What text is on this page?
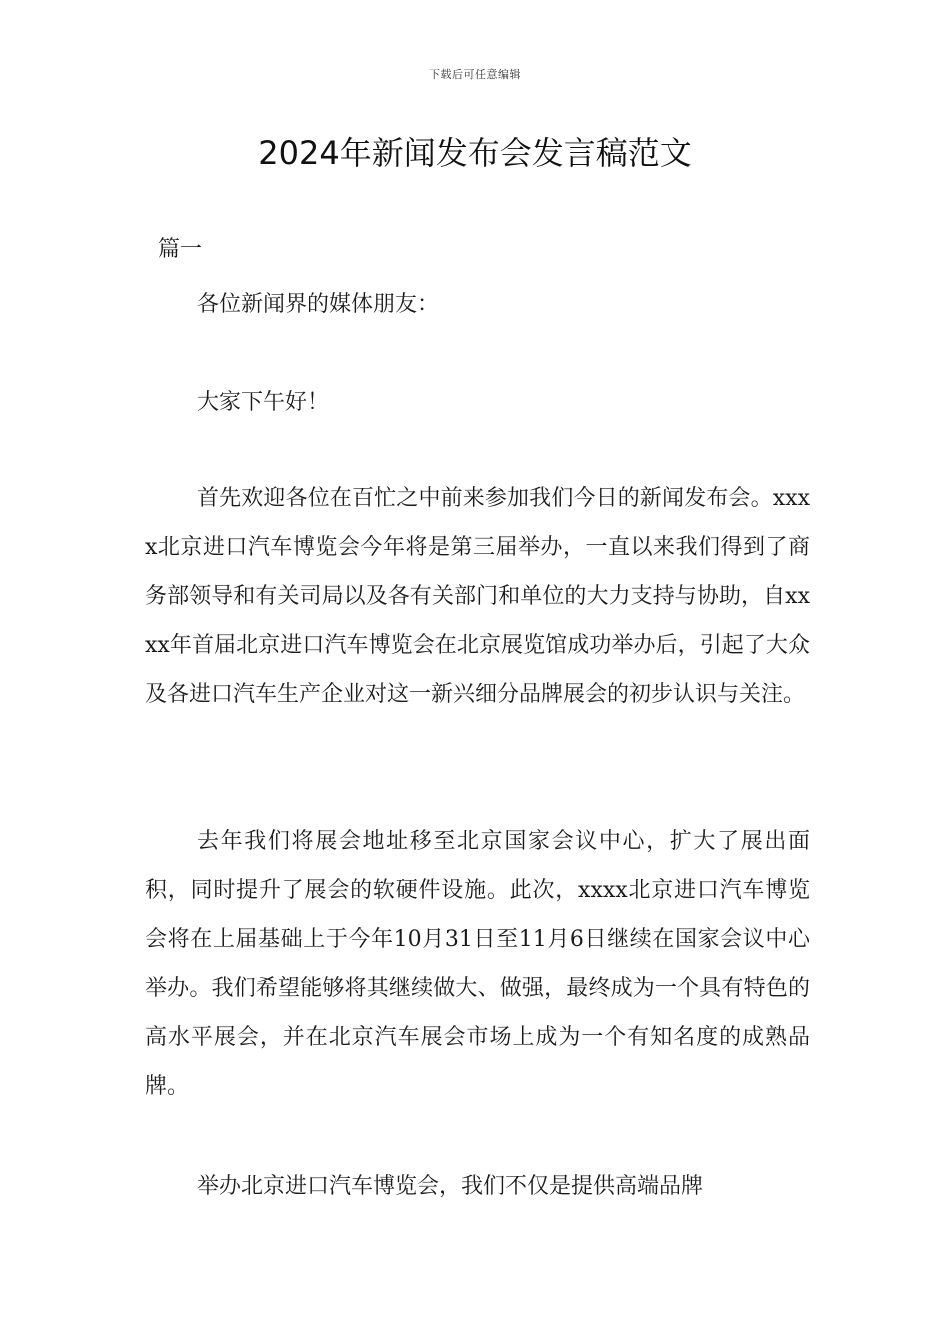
下载后可任意编辑
2024年新闻发布会发言稿范文

篇一

各位新闻界的媒体朋友：

大家下午好！

首先欢迎各位在百忙之中前来参加我们今日的新闻发布会。xxxx北京进口汽车博览会今年将是第三届举办，一直以来我们得到了商务部领导和有关司局以及各有关部门和单位的大力支持与协助，自xxxx年首届北京进口汽车博览会在北京展览馆成功举办后，引起了大众及各进口汽车生产企业对这一新兴细分品牌展会的初步认识与关注。

去年我们将展会地址移至北京国家会议中心，扩大了展出面积，同时提升了展会的软硬件设施。此次，xxxx北京进口汽车博览会将在上届基础上于今年10月31日至11月6日继续在国家会议中心举办。我们希望能够将其继续做大、做强，最终成为一个具有特色的高水平展会，并在北京汽车展会市场上成为一个有知名度的成熟品牌。

举办北京进口汽车博览会，我们不仅是提供高端品牌
